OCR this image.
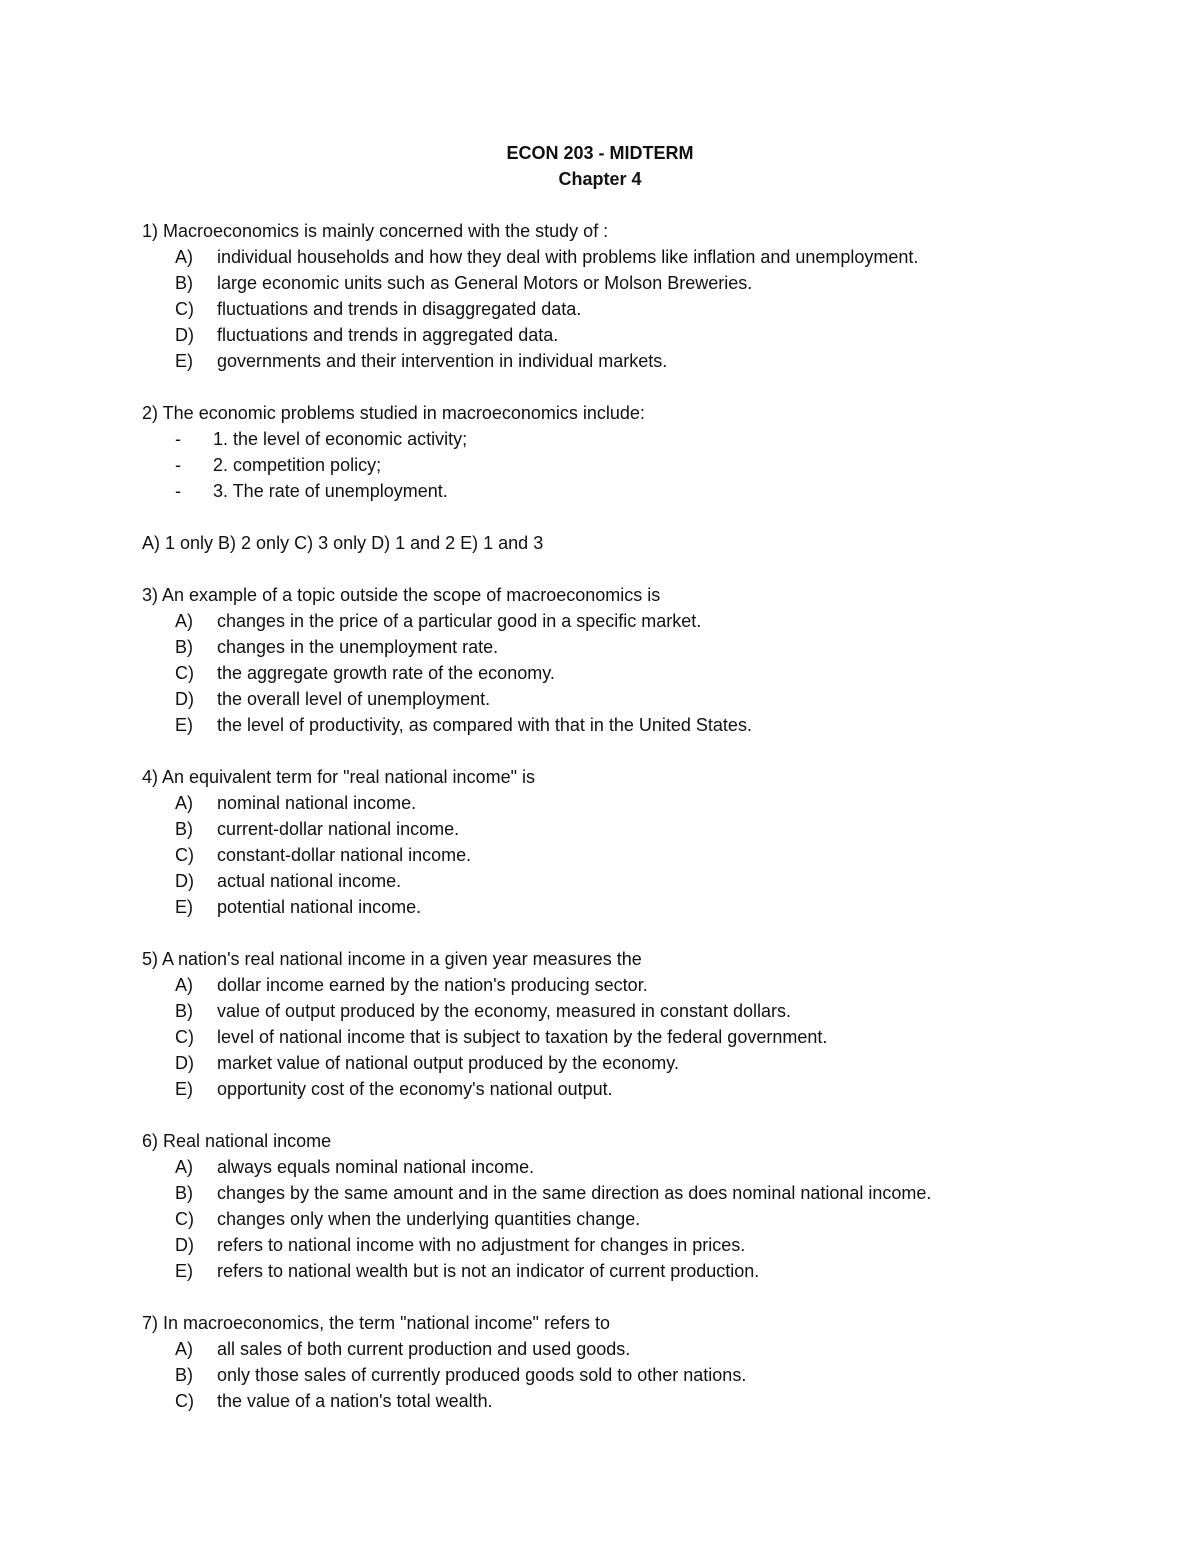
ECON 203 - MIDTERM
Chapter 4
1) Macroeconomics is mainly concerned with the study of :
A)	individual households and how they deal with problems like inflation and unemployment.
B)	large economic units such as General Motors or Molson Breweries.
C)	fluctuations and trends in disaggregated data.
D)	fluctuations and trends in aggregated data.
E)	governments and their intervention in individual markets.
2) The economic problems studied in macroeconomics include:
-	1. the level of economic activity;
-	2. competition policy;
-	3. The rate of unemployment.
A) 1 only B) 2 only C) 3 only D) 1 and 2 E) 1 and 3
3) An example of a topic outside the scope of macroeconomics is
A)	changes in the price of a particular good in a specific market.
B)	changes in the unemployment rate.
C)	the aggregate growth rate of the economy.
D)	the overall level of unemployment.
E)	the level of productivity, as compared with that in the United States.
4) An equivalent term for "real national income" is
A)	nominal national income.
B)	current-dollar national income.
C)	constant-dollar national income.
D)	actual national income.
E)	potential national income.
5) A nation's real national income in a given year measures the
A)	dollar income earned by the nation's producing sector.
B)	value of output produced by the economy, measured in constant dollars.
C)	level of national income that is subject to taxation by the federal government.
D)	market value of national output produced by the economy.
E)	opportunity cost of the economy's national output.
6) Real national income
A)	always equals nominal national income.
B)	changes by the same amount and in the same direction as does nominal national income.
C)	changes only when the underlying quantities change.
D)	refers to national income with no adjustment for changes in prices.
E)	refers to national wealth but is not an indicator of current production.
7) In macroeconomics, the term "national income" refers to
A)	all sales of both current production and used goods.
B)	only those sales of currently produced goods sold to other nations.
C)	the value of a nation's total wealth.
